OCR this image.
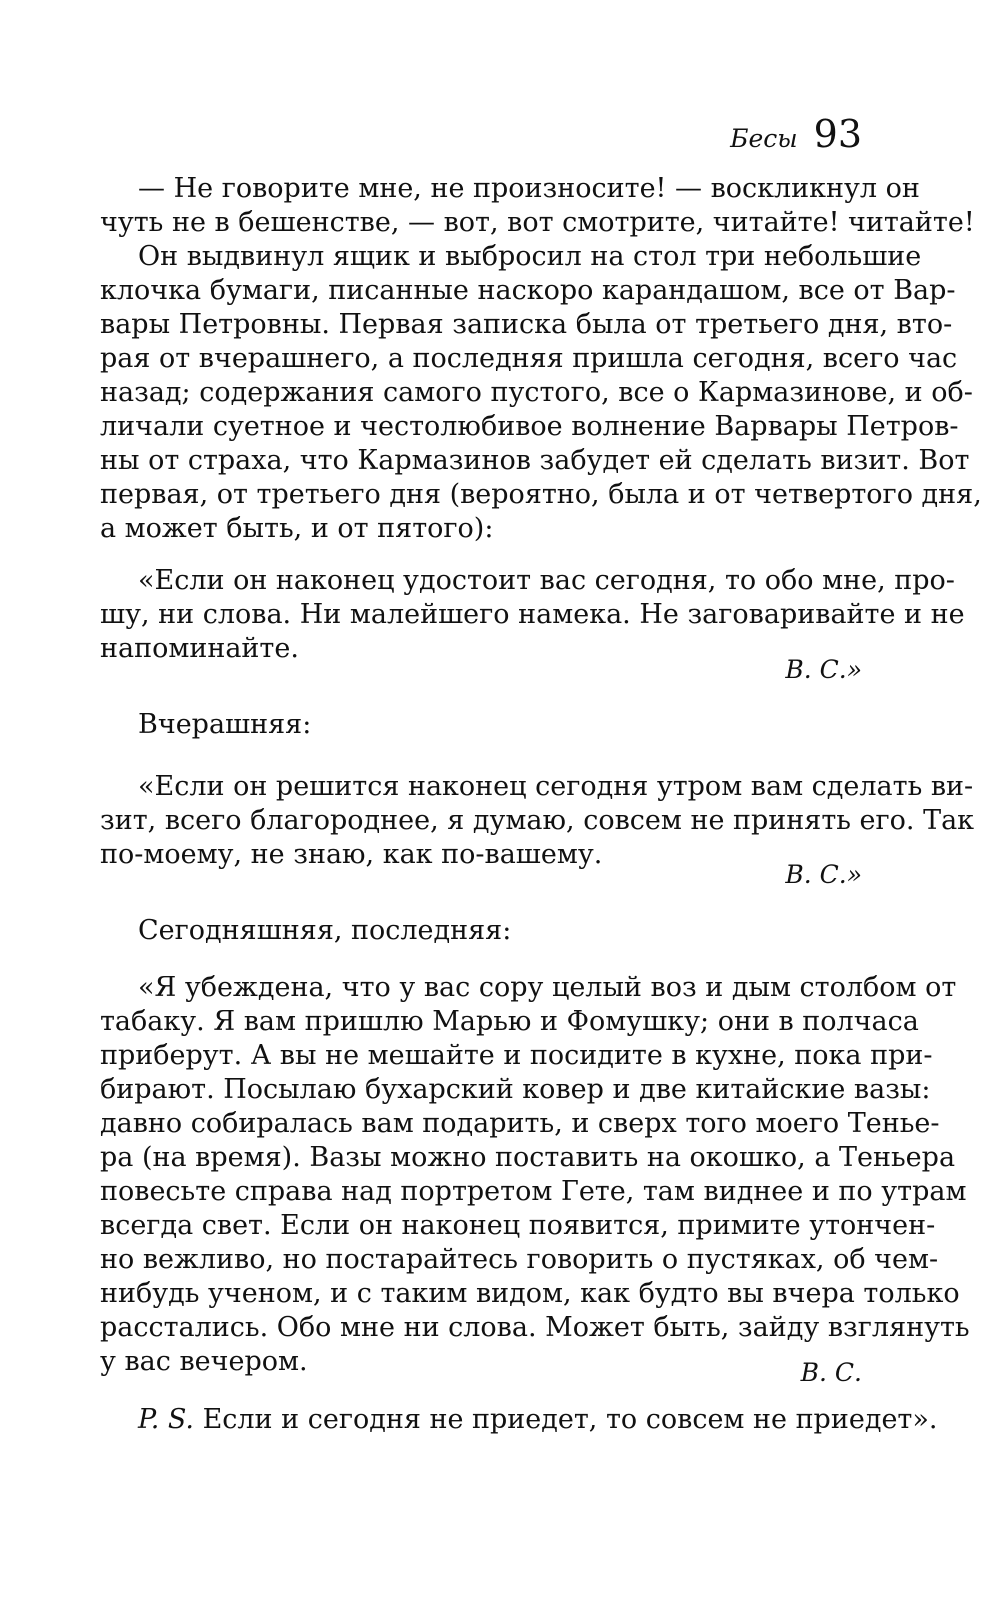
Бесы 93

— Не говорите мне, не произносите! — воскликнул он
чуть не в бешенстве, — вот, вот смотрите, читайте! читайте!

Он выдвинул ящик и выбросил на стол три небольшие
клочка бумаги, писанные наскоро карандашом, все от Вар-
вары Петровны. Первая записка была от третьего дня, вто-
рая от вчерашнего, а последняя пришла сегодня, всего час
назад; содержания самого пустого, все о Кармазинове, и об-
личали суетное и честолюбивое волнение Варвары Петров-
ны от страха, что Кармазинов забудет ей сделать визит. Вот
первая, от третьего дня (вероятно, была и от четвертого дня,
а может быть, и от пятого):

«Если он наконец удостоит вас сегодня, то обо мне, про-
шу, ни слова. Ни малейшего намека. Не заговаривайте и не
напоминайте.

В. С.»

Вчерашняя:

«Если он решится наконец сегодня утром вам сделать ви-
зит, всего благороднее, я думаю, совсем не принять его. Так
по-моему, не знаю, как по-вашему.

В. С.»

Сегодняшняя, последняя:

«Я убеждена, что у вас сору целый воз и дым столбом от
табаку. Я вам пришлю Марью и Фомушку; они в полчаса
приберут. А вы не мешайте и посидите в кухне, пока при-
бирают. Посылаю бухарский ковер и две китайские вазы:
давно собиралась вам подарить, и сверх того моего Теньe-
ра (на время). Вазы можно поставить на окошко, а Теньера
повесьте справа над портретом Гете, там виднее и по утрам
всегда свет. Если он наконец появится, примите утончен-
но вежливо, но постарайтесь говорить о пустяках, об чем-
нибудь ученом, и с таким видом, как будто вы вчера только
расстались. Обо мне ни слова. Может быть, зайду взглянуть
у вас вечером.	В. С.

P. S. Если и сегодня не приедет, то совсем не приедет».
